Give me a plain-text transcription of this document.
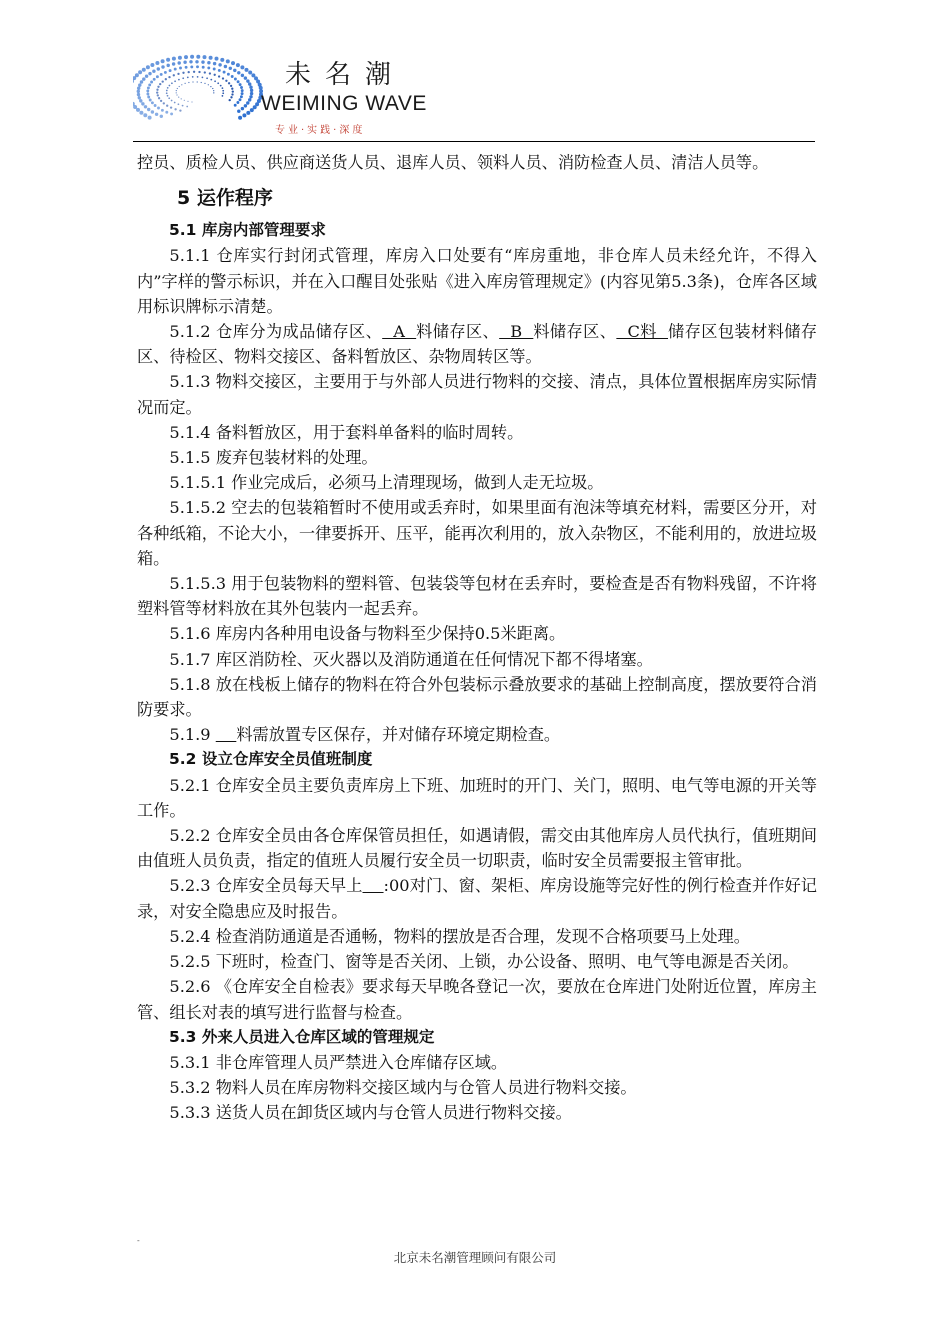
未名潮
WEIMING WAVE
专业·实践·深度

控员、质检人员、供应商送货人员、退库人员、领料人员、消防检查人员、清洁人员等。

5 运作程序

5.1 库房内部管理要求

5.1.1 仓库实行封闭式管理，库房入口处要有“库房重地，非仓库人员未经允许，不得入内”字样的警示标识，并在入口醒目处张贴《进入库房管理规定》(内容见第5.3条)，仓库各区域用标识牌标示清楚。

5.1.2 仓库分为成品储存区、  A  料储存区、  B  料储存区、  C料  储存区包装材料储存区、待检区、物料交接区、备料暂放区、杂物周转区等。

5.1.3 物料交接区，主要用于与外部人员进行物料的交接、清点，具体位置根据库房实际情况而定。

5.1.4 备料暂放区，用于套料单备料的临时周转。

5.1.5 废弃包装材料的处理。

5.1.5.1 作业完成后，必须马上清理现场，做到人走无垃圾。

5.1.5.2 空去的包装箱暂时不使用或丢弃时，如果里面有泡沫等填充材料，需要区分开，对各种纸箱，不论大小，一律要拆开、压平，能再次利用的，放入杂物区，不能利用的，放进垃圾箱。

5.1.5.3 用于包装物料的塑料管、包装袋等包材在丢弃时，要检查是否有物料残留，不许将塑料管等材料放在其外包装内一起丢弃。

5.1.6 库房内各种用电设备与物料至少保持0.5米距离。

5.1.7 库区消防栓、灭火器以及消防通道在任何情况下都不得堵塞。

5.1.8 放在栈板上储存的物料在符合外包装标示叠放要求的基础上控制高度，摆放要符合消防要求。

5.1.9     料需放置专区保存，并对储存环境定期检查。

5.2 设立仓库安全员值班制度

5.2.1 仓库安全员主要负责库房上下班、加班时的开门、关门，照明、电气等电源的开关等工作。

5.2.2 仓库安全员由各仓库保管员担任，如遇请假，需交由其他库房人员代执行，值班期间由值班人员负责，指定的值班人员履行安全员一切职责，临时安全员需要报主管审批。

5.2.3 仓库安全员每天早上 :00对门、窗、架柜、库房设施等完好性的例行检查并作好记录，对安全隐患应及时报告。

5.2.4 检查消防通道是否通畅，物料的摆放是否合理，发现不合格项要马上处理。

5.2.5 下班时，检查门、窗等是否关闭、上锁，办公设备、照明、电气等电源是否关闭。

5.2.6 《仓库安全自检表》要求每天早晚各登记一次，要放在仓库进门处附近位置，库房主管、组长对表的填写进行监督与检查。

5.3 外来人员进入仓库区域的管理规定

5.3.1 非仓库管理人员严禁进入仓库储存区域。

5.3.2 物料人员在库房物料交接区域内与仓管人员进行物料交接。

5.3.3 送货人员在卸货区域内与仓管人员进行物料交接。

-
北京未名潮管理顾问有限公司
